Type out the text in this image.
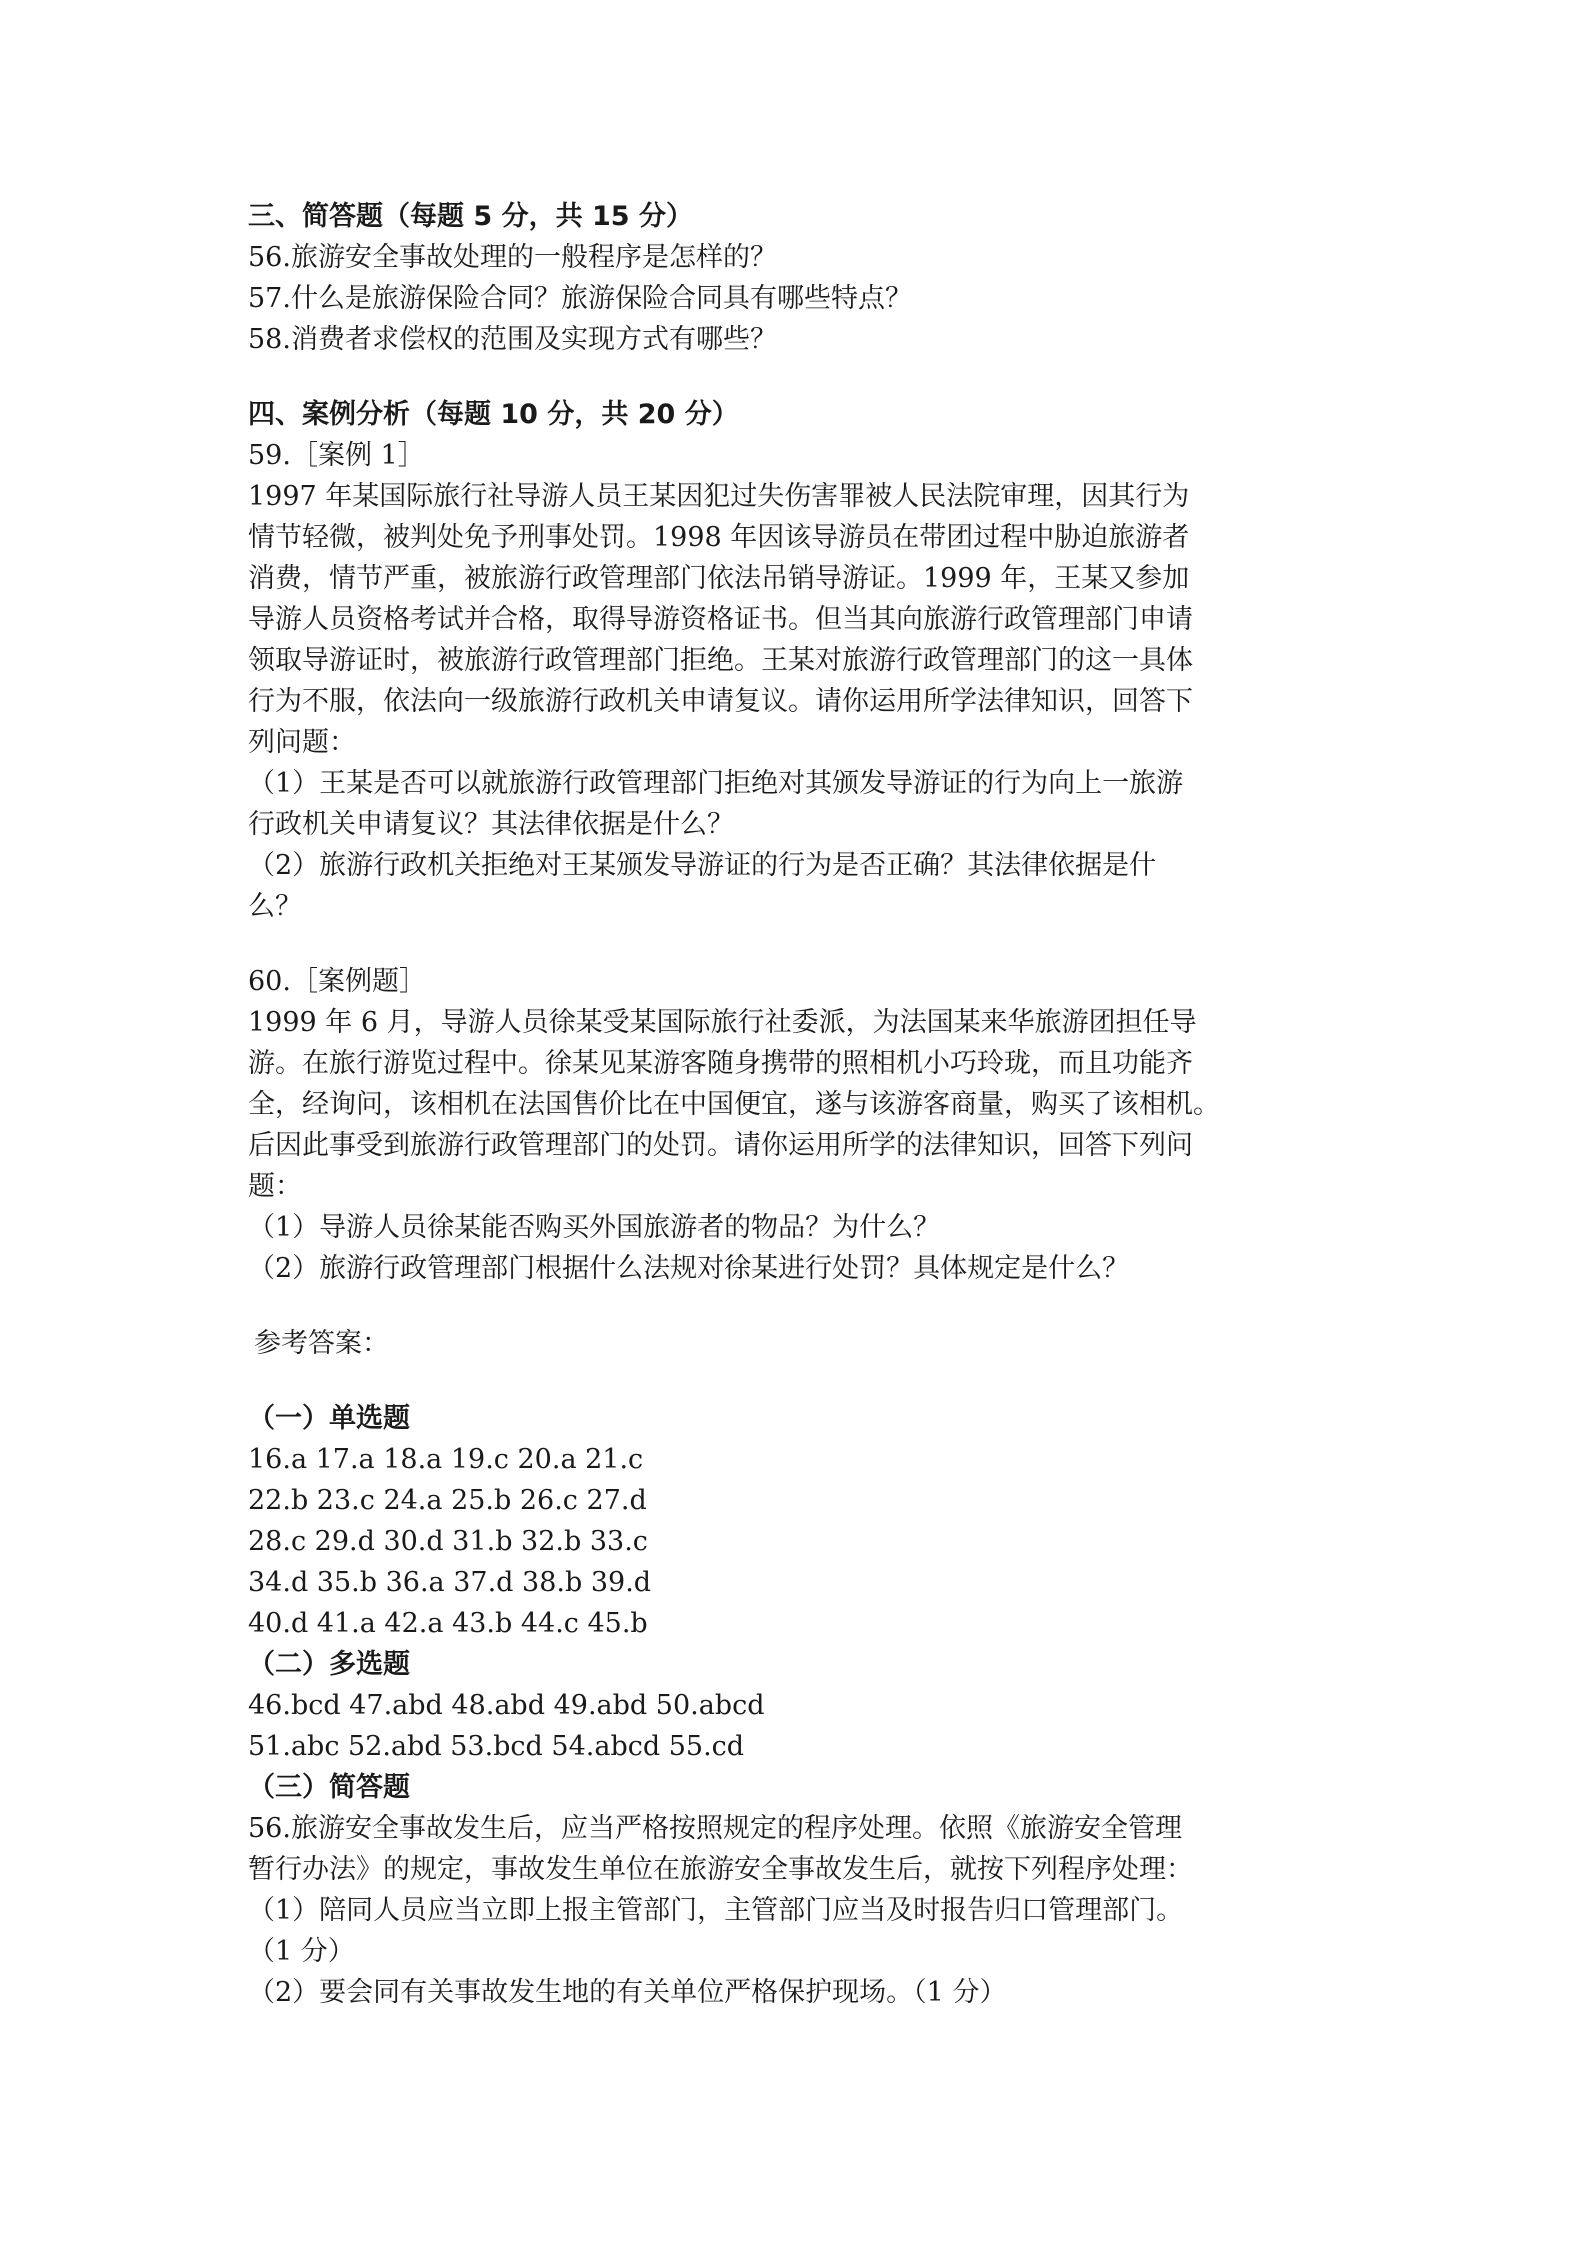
三、简答题（每题 5 分，共 15 分）
56.旅游安全事故处理的一般程序是怎样的？
57.什么是旅游保险合同？旅游保险合同具有哪些特点？
58.消费者求偿权的范围及实现方式有哪些？
四、案例分析（每题 10 分，共 20 分）
59.［案例 1］
1997 年某国际旅行社导游人员王某因犯过失伤害罪被人民法院审理，因其行为
情节轻微，被判处免予刑事处罚。1998 年因该导游员在带团过程中胁迫旅游者
消费，情节严重，被旅游行政管理部门依法吊销导游证。1999 年，王某又参加
导游人员资格考试并合格，取得导游资格证书。但当其向旅游行政管理部门申请
领取导游证时，被旅游行政管理部门拒绝。王某对旅游行政管理部门的这一具体
行为不服，依法向一级旅游行政机关申请复议。请你运用所学法律知识，回答下
列问题：
（1）王某是否可以就旅游行政管理部门拒绝对其颁发导游证的行为向上一旅游
行政机关申请复议？其法律依据是什么？
（2）旅游行政机关拒绝对王某颁发导游证的行为是否正确？其法律依据是什
么？
60.［案例题］
1999 年 6 月，导游人员徐某受某国际旅行社委派，为法国某来华旅游团担任导
游。在旅行游览过程中。徐某见某游客随身携带的照相机小巧玲珑，而且功能齐
全，经询问，该相机在法国售价比在中国便宜，遂与该游客商量，购买了该相机。
后因此事受到旅游行政管理部门的处罚。请你运用所学的法律知识，回答下列问
题：
（1）导游人员徐某能否购买外国旅游者的物品？为什么？
（2）旅游行政管理部门根据什么法规对徐某进行处罚？具体规定是什么？
参考答案：
（一）单选题
16.a 17.a 18.a 19.c 20.a 21.c
22.b 23.c 24.a 25.b 26.c 27.d
28.c 29.d 30.d 31.b 32.b 33.c
34.d 35.b 36.a 37.d 38.b 39.d
40.d 41.a 42.a 43.b 44.c 45.b
（二）多选题
46.bcd 47.abd 48.abd 49.abd 50.abcd
51.abc 52.abd 53.bcd 54.abcd 55.cd
（三）简答题
56.旅游安全事故发生后，应当严格按照规定的程序处理。依照《旅游安全管理
暂行办法》的规定，事故发生单位在旅游安全事故发生后，就按下列程序处理：
（1）陪同人员应当立即上报主管部门，主管部门应当及时报告归口管理部门。
（1 分）
（2）要会同有关事故发生地的有关单位严格保护现场。（1 分）
